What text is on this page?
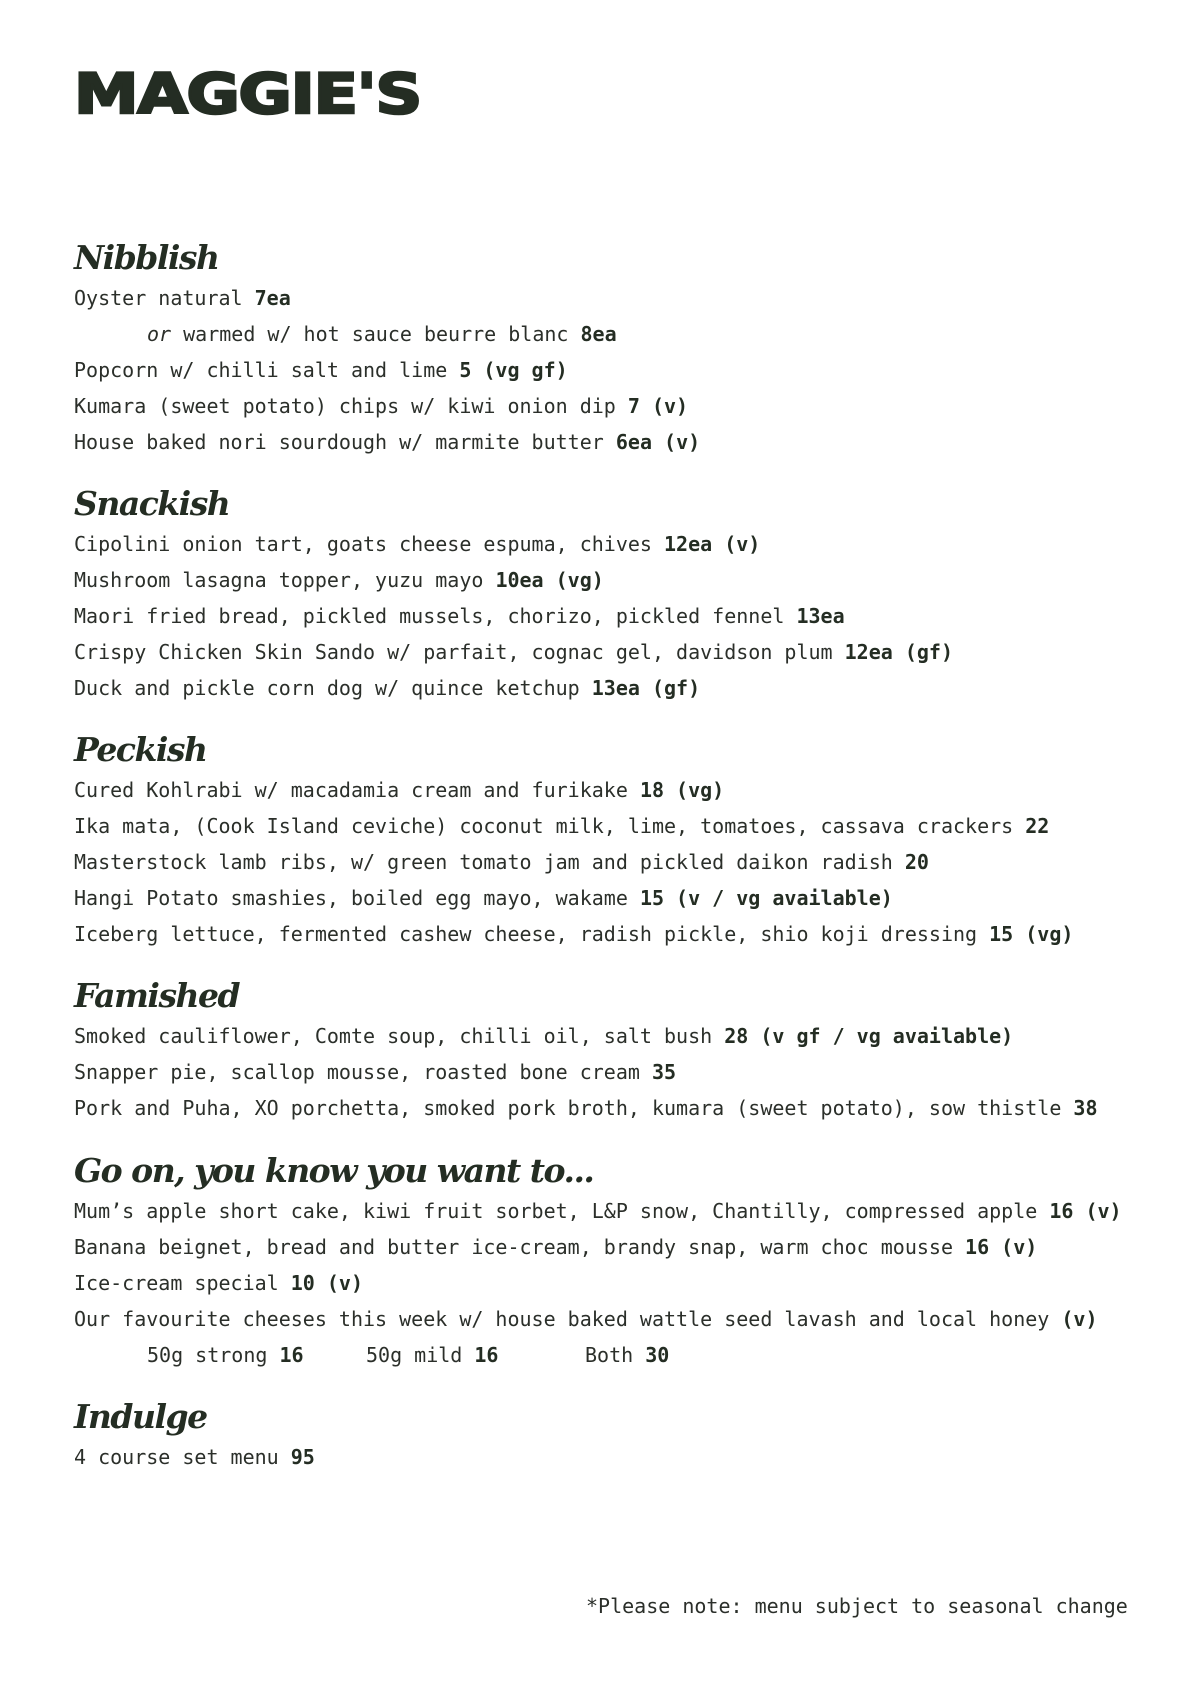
MAGGIE'S
Nibblish
Oyster natural 7ea
or warmed w/ hot sauce beurre blanc 8ea
Popcorn w/ chilli salt and lime 5 (vg gf)
Kumara (sweet potato) chips w/ kiwi onion dip 7 (v)
House baked nori sourdough w/ marmite butter 6ea (v)
Snackish
Cipolini onion tart, goats cheese espuma, chives 12ea (v)
Mushroom lasagna topper, yuzu mayo 10ea (vg)
Maori fried bread, pickled mussels, chorizo, pickled fennel 13ea
Crispy Chicken Skin Sando w/ parfait, cognac gel, davidson plum 12ea (gf)
Duck and pickle corn dog w/ quince ketchup 13ea (gf)
Peckish
Cured Kohlrabi w/ macadamia cream and furikake 18 (vg)
Ika mata, (Cook Island ceviche) coconut milk, lime, tomatoes, cassava crackers 22
Masterstock lamb ribs, w/ green tomato jam and pickled daikon radish 20
Hangi Potato smashies, boiled egg mayo, wakame 15 (v / vg available)
Iceberg lettuce, fermented cashew cheese, radish pickle, shio koji dressing 15 (vg)
Famished
Smoked cauliflower, Comte soup, chilli oil, salt bush 28 (v gf / vg available)
Snapper pie, scallop mousse, roasted bone cream 35
Pork and Puha, XO porchetta, smoked pork broth, kumara (sweet potato), sow thistle 38
Go on, you know you want to...
Mum’s apple short cake, kiwi fruit sorbet, L&P snow, Chantilly, compressed apple 16 (v)
Banana beignet, bread and butter ice-cream, brandy snap, warm choc mousse 16 (v)
Ice-cream special 10 (v)
Our favourite cheeses this week w/ house baked wattle seed lavash and local honey (v)
50g strong 16	50g mild 16	Both 30
Indulge
4 course set menu 95
*Please note: menu subject to seasonal change
